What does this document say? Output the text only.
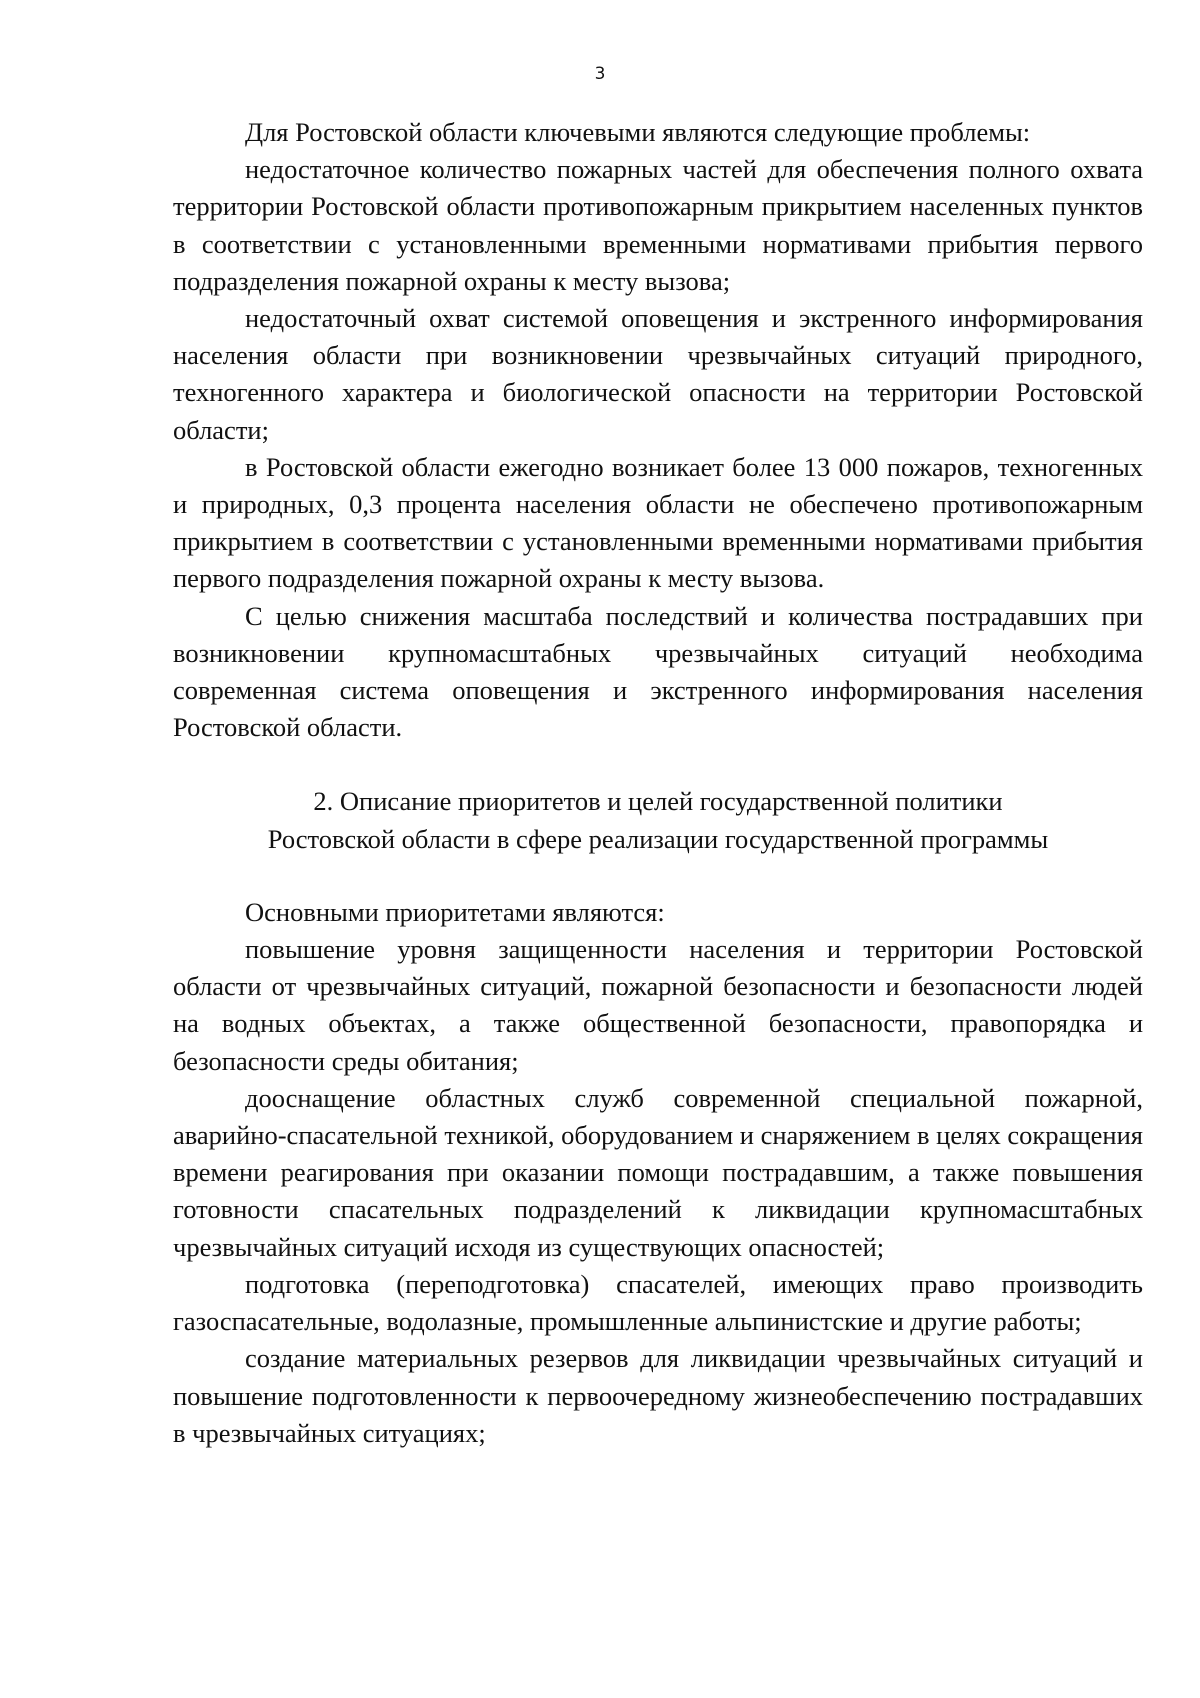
3

Для Ростовской области ключевыми являются следующие проблемы:

недостаточное количество пожарных частей для обеспечения полного охвата территории Ростовской области противопожарным прикрытием населенных пунктов в соответствии с установленными временными нормативами прибытия первого подразделения пожарной охраны к месту вызова;

недостаточный охват системой оповещения и экстренного информирования населения области при возникновении чрезвычайных ситуаций природного, техногенного характера и биологической опасности на территории Ростовской области;

в Ростовской области ежегодно возникает более 13 000 пожаров, техногенных и природных, 0,3 процента населения области не обеспечено противопожарным прикрытием в соответствии с установленными временными нормативами прибытия первого подразделения пожарной охраны к месту вызова.

С целью снижения масштаба последствий и количества пострадавших при возникновении крупномасштабных чрезвычайных ситуаций необходима современная система оповещения и экстренного информирования населения Ростовской области.

2. Описание приоритетов и целей государственной политики

Ростовской области в сфере реализации государственной программы

Основными приоритетами являются:

повышение уровня защищенности населения и территории Ростовской области от чрезвычайных ситуаций, пожарной безопасности и безопасности людей на водных объектах, а также общественной безопасности, правопорядка и безопасности среды обитания;

дооснащение областных служб современной специальной пожарной, аварийно-спасательной техникой, оборудованием и снаряжением в целях сокращения времени реагирования при оказании помощи пострадавшим, а также повышения готовности спасательных подразделений к ликвидации крупномасштабных чрезвычайных ситуаций исходя из существующих опасностей;

подготовка (переподготовка) спасателей, имеющих право производить газоспасательные, водолазные, промышленные альпинистские и другие работы;

создание материальных резервов для ликвидации чрезвычайных ситуаций и повышение подготовленности к первоочередному жизнеобеспечению пострадавших в чрезвычайных ситуациях;
